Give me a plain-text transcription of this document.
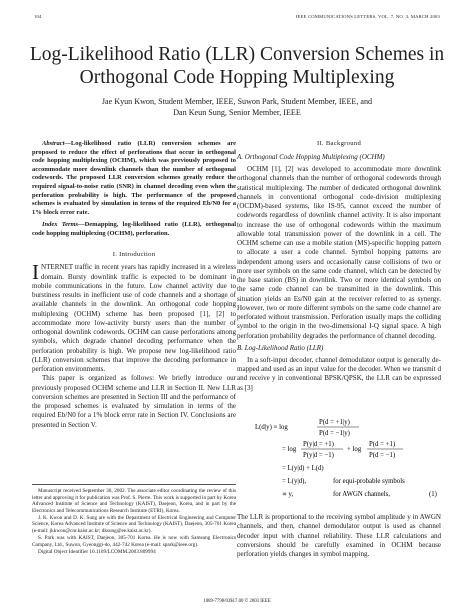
104	IEEE COMMUNICATIONS LETTERS, VOL. 7, NO. 3, MARCH 2003
Log-Likelihood Ratio (LLR) Conversion Schemes in
Orthogonal Code Hopping Multiplexing
Jae Kyun Kwon, Student Member, IEEE, Suwon Park, Student Member, IEEE, and
Dan Keun Sung, Senior Member, IEEE

Abstract—Log-likelihood ratio (LLR) conversion schemes are proposed to reduce the effect of perforations that occur in orthogonal code hopping multiplexing (OCHM), which was previously proposed to accommodate more downlink channels than the number of orthogonal codewords. The proposed LLR conversion schemes greatly reduce the required signal-to-noise ratio (SNR) in channel decoding even when the perforation probability is high. The performance of the proposed schemes is evaluated by simulation in terms of the required Eb/N0 for a 1% block error rate.

Index Terms—Demapping, log-likelihood ratio (LLR), orthogonal code hopping multiplexing (OCHM), perforation.

I. Introduction

INTERNET traffic in recent years has rapidly increased in a wireless domain. Bursty downlink traffic is expected to be dominant in mobile communications in the future. Low channel activity due to burstiness results in inefficient use of code channels and a shortage of available channels in the downlink. An orthogonal code hopping multiplexing (OCHM) scheme has been proposed [1], [2] to accommodate more low-activity bursty users than the number of orthogonal downlink codewords. OCHM can cause perforations among symbols, which degrade channel decoding performance when the perforation probability is high. We propose new log-likelihood ratio (LLR) conversion schemes that improve the decoding performance in perforation environments.

This paper is organized as follows: We briefly introduce our previously proposed OCHM scheme and LLR in Section II. New LLR conversion schemes are presented in Section III and the performance of the proposed schemes is evaluated by simulation in terms of the required Eb/N0 for a 1% block error rate in Section IV. Conclusions are presented in Section V.

Manuscript received September 30, 2002. The associate editor coordinating the review of this letter and approving it for publication was Prof. S. Pierre. This work is supported in part by Korea Advanced Institute of Science and Technology (KAIST), Daejeon, Korea, and in part by the Electronics and Telecommunications Research Institute (ETRI), Korea.

J. K. Kwon and D. K. Sung are with the Department of Electrical Engineering and Computer Science, Korea Advanced Institute of Science and Technology (KAIST), Daejeon, 305-701 Korea (e-mail: jkkwon@cnr.kaist.ac.kr; dksung@ee.kaist.ac.kr).

S. Park was with KAIST, Daejeon, 305-701 Korea. He is now with Samsung Electronics Company, Ltd., Suwon, Gyeonggi-do, 442-742 Korea (e-mail: spark@ieee.org).

Digital Object Identifier 10.1109/LCOMM.2003.809994

II. Background
A. Orthogonal Code Hopping Multiplexing (OCHM)

OCHM [1], [2] was developed to accommodate more downlink orthogonal channels than the number of orthogonal codewords through statistical multiplexing. The number of dedicated orthogonal downlink channels in conventional orthogonal code-division multiplexing (OCDM)-based systems, like IS-95, cannot exceed the number of codewords regardless of downlink channel activity. It is also important to increase the use of orthogonal codewords within the maximum allowable total transmission power of the downlink in a cell. The OCHM scheme can use a mobile station (MS)-specific hopping pattern to allocate a user a code channel. Symbol hopping patterns are independent among users and occasionally cause collisions of two or more user symbols on the same code channel, which can be detected by the base station (BS) in downlink. Two or more identical symbols on the same code channel can be transmitted in the downlink. This situation yields an Es/N0 gain at the receiver referred to as synergy. However, two or more different symbols on the same code channel are perforated without transmission. Perforation usually maps the colliding symbol to the origin in the two-dimensional I-Q signal space. A high perforation probability degrades the performance of channel decoding.

B. Log-Likelihood Ratio (LLR)

In a soft-input decoder, channel demodulator output is generally de-mapped and used as an input value for the decoder. When we transmit d and receive y in conventional BPSK/QPSK, the LLR can be expressed as [3]

L(d|y) ≡ log
P(d = +1|y)
P(d = −1|y)
= log
P(y|d = +1)
P(y|d = −1)
+ log
P(d = +1)
P(d = −1)
= L(y|d) + L(d)
= L(y|d),	for equi-probable symbols
∝ y,	for AWGN channels,	(1)

The LLR is proportional to the receiving symbol amplitude y in AWGN channels, and then, channel demodulator output is used as channel decoder input with channel reliability. These LLR calculations and conversions should be carefully examined in OCHM because perforation yields changes in symbol mapping.

1089-7798/03$17.00 © 2003 IEEE
